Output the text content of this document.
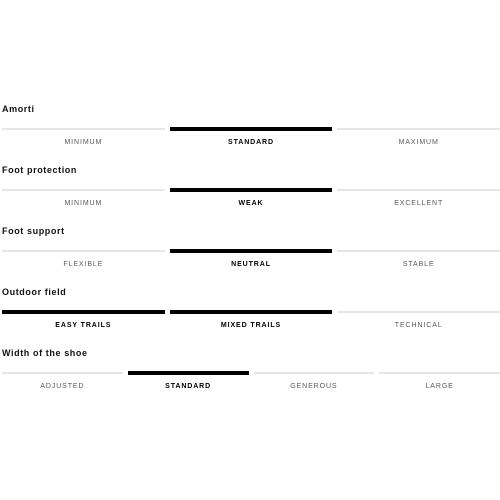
Amorti
MINIMUM	STANDARD	MAXIMUM
Foot protection
MINIMUM	WEAK	EXCELLENT
Foot support
FLEXIBLE	NEUTRAL	STABLE
Outdoor field
EASY TRAILS	MIXED TRAILS	TECHNICAL
Width of the shoe
ADJUSTED	STANDARD	GENEROUS	LARGE
